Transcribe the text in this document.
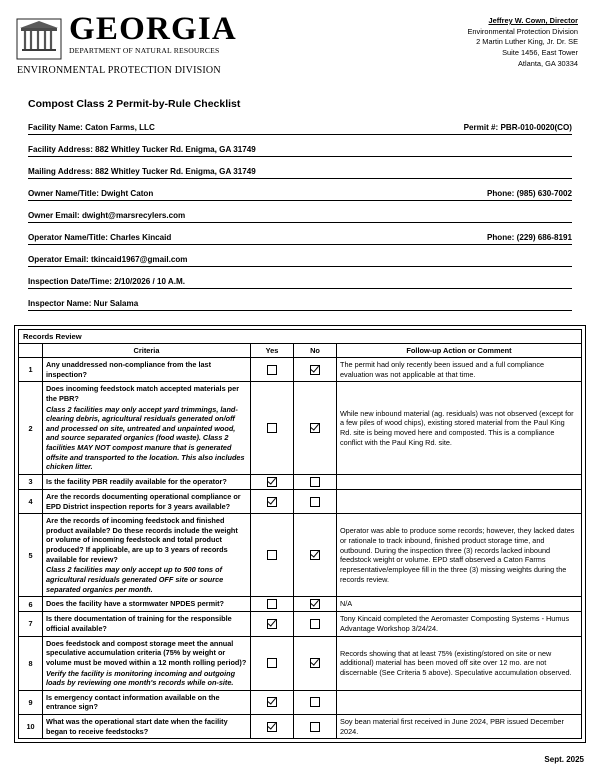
GEORGIA
DEPARTMENT OF NATURAL RESOURCES
ENVIRONMENTAL PROTECTION DIVISION
Jeffrey W. Cown, Director
Environmental Protection Division
2 Martin Luther King, Jr. Dr. SE
Suite 1456, East Tower
Atlanta, GA 30334
Compost Class 2 Permit-by-Rule Checklist
Facility Name: Caton Farms, LLC	Permit #: PBR-010-0020(CO)
Facility Address: 882 Whitley Tucker Rd. Enigma, GA 31749
Mailing Address: 882 Whitley Tucker Rd. Enigma, GA 31749
Owner Name/Title: Dwight Caton	Phone: (985) 630-7002
Owner Email: dwight@marsrecylers.com
Operator Name/Title: Charles Kincaid	Phone: (229) 686-8191
Operator Email: tkincaid1967@gmail.com
Inspection Date/Time: 2/10/2026 / 10 A.M.
Inspector Name: Nur Salama
Records Review
	Criteria	Yes	No	Follow-up Action or Comment
1	Any unaddressed non-compliance from the last inspection?			The permit had only recently been issued and a full compliance evaluation was not applicable at that time.
2	Does incoming feedstock match accepted materials per the PBR?
Class 2 facilities may only accept yard trimmings, land-clearing debris, agricultural residuals generated on/off and processed on site, untreated and unpainted wood, and source separated organics (food waste). Class 2 facilities MAY NOT compost manure that is generated offsite and transported to the location. This also includes chicken litter.
			While new inbound material (ag. residuals) was not observed (except for a few piles of wood chips), existing stored material from the Paul King Rd. site is being moved here and composted. This is a compliance conflict with the Paul King Rd. site.
3	Is the facility PBR readily available for the operator?			
4	Are the records documenting operational compliance or EPD District inspection reports for 3 years available?			
5	Are the records of incoming feedstock and finished product available? Do these records include the weight or volume of incoming feedstock and total product produced? If applicable, are up to 3 years of records available for review?
Class 2 facilities may only accept up to 500 tons of agricultural residuals generated OFF site or source separated organics per month.
			Operator was able to produce some records; however, they lacked dates or rationale to track inbound, finished product storage time, and outbound. During the inspection three (3) records lacked inbound feedstock weight or volume. EPD staff observed a Caton Farms representative/employee fill in the three (3) missing weights during the records review.
6	Does the facility have a stormwater NPDES permit?			N/A
7	Is there documentation of training for the responsible official available?			Tony Kincaid completed the Aeromaster Composting Systems - Humus Advantage Workshop 3/24/24.
8	Does feedstock and compost storage meet the annual speculative accumulation criteria (75% by weight or volume must be moved within a 12 month rolling period)?
Verify the facility is monitoring incoming and outgoing loads by reviewing one month's records while on-site.
			Records showing that at least 75% (existing/stored on site or new additional) material has been moved off site over 12 mo. are not discernable (See Criteria 5 above). Speculative accumulation observed.
9	Is emergency contact information available on the entrance sign?			
10	What was the operational start date when the facility began to receive feedstocks?			Soy bean material first received in June 2024, PBR issued December 2024.
Sept. 2025
